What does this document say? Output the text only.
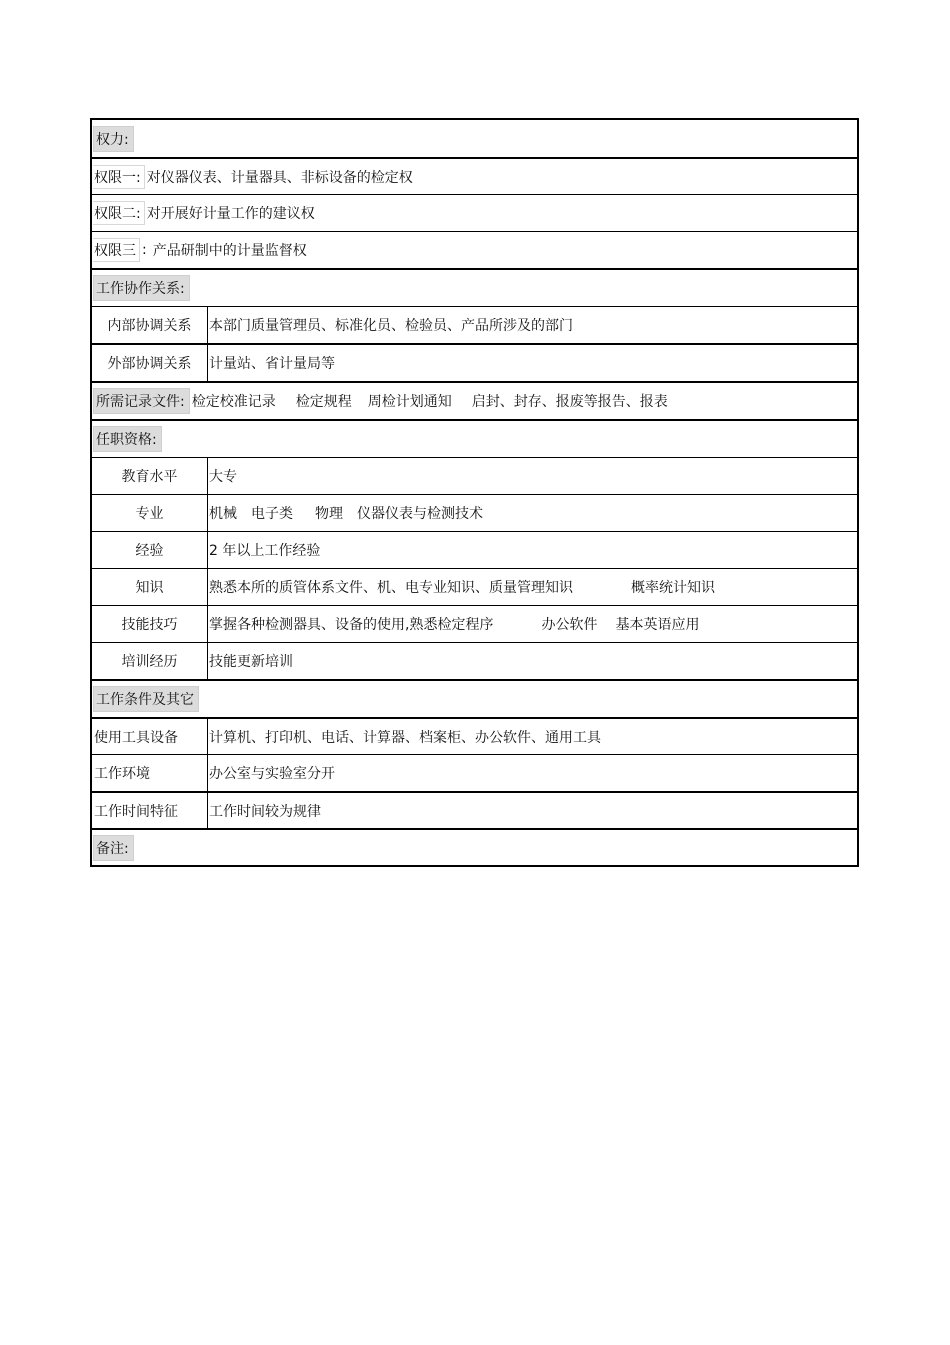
权力:
权限一: 对仪器仪表、计量器具、非标设备的检定权
权限二: 对开展好计量工作的建议权
权限三 : 产品研制中的计量监督权
工作协作关系:
内部协调关系	本部门质量管理员、标准化员、检验员、产品所涉及的部门
外部协调关系	计量站、省计量局等
所需记录文件: 检定校准记录 检定规程 周检计划通知 启封、封存、报废等报告、报表
任职资格:
教育水平	大专
专业	机械 电子类 物理 仪器仪表与检测技术
经验	2 年以上工作经验
知识	熟悉本所的质管体系文件、机、电专业知识、质量管理知识	概率统计知识
技能技巧	掌握各种检测器具、设备的使用,熟悉检定程序	办公软件 基本英语应用
培训经历	技能更新培训
工作条件及其它
使用工具设备	计算机、打印机、电话、计算器、档案柜、办公软件、通用工具
工作环境	办公室与实验室分开
工作时间特征	工作时间较为规律
备注:
